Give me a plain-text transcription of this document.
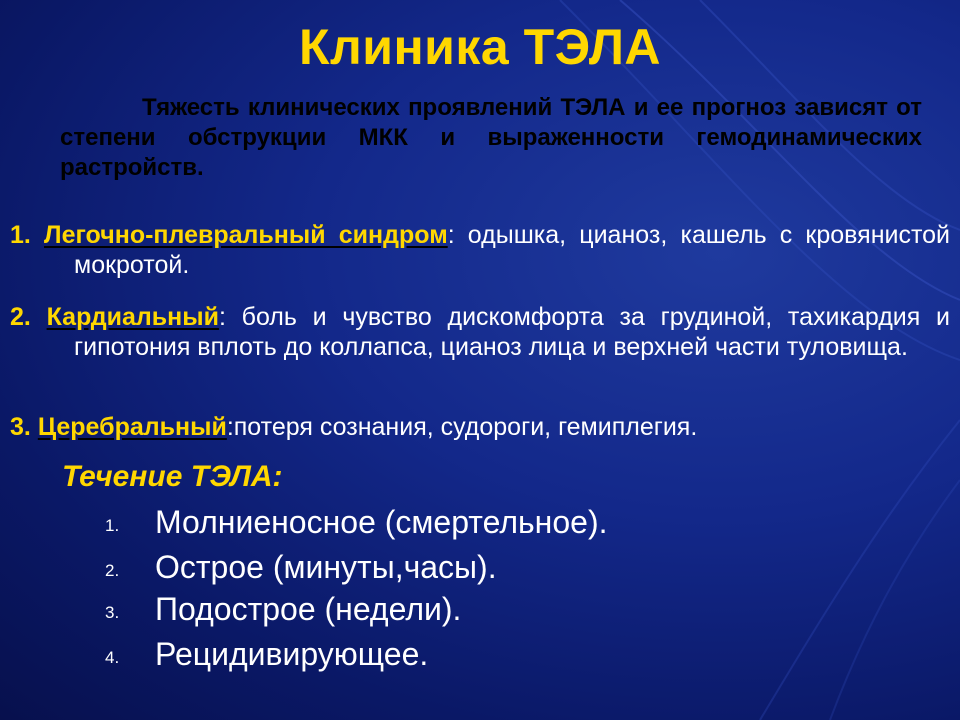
Клиника ТЭЛА
Тяжесть клинических проявлений ТЭЛА и ее прогноз зависят от степени обструкции МКК и выраженности гемодинамических растройств.
1. Легочно-плевральный синдром: одышка, цианоз, кашель с кровянистой мокротой.
2. Кардиальный: боль и чувство дискомфорта за грудиной, тахикардия и гипотония вплоть до коллапса, цианоз лица и верхней части туловища.
3. Церебральный:потеря сознания, судороги, гемиплегия.
Течение ТЭЛА:
1. Молниеносное (смертельное).
2. Острое (минуты,часы).
3. Подострое (недели).
4. Рецидивирующее.
